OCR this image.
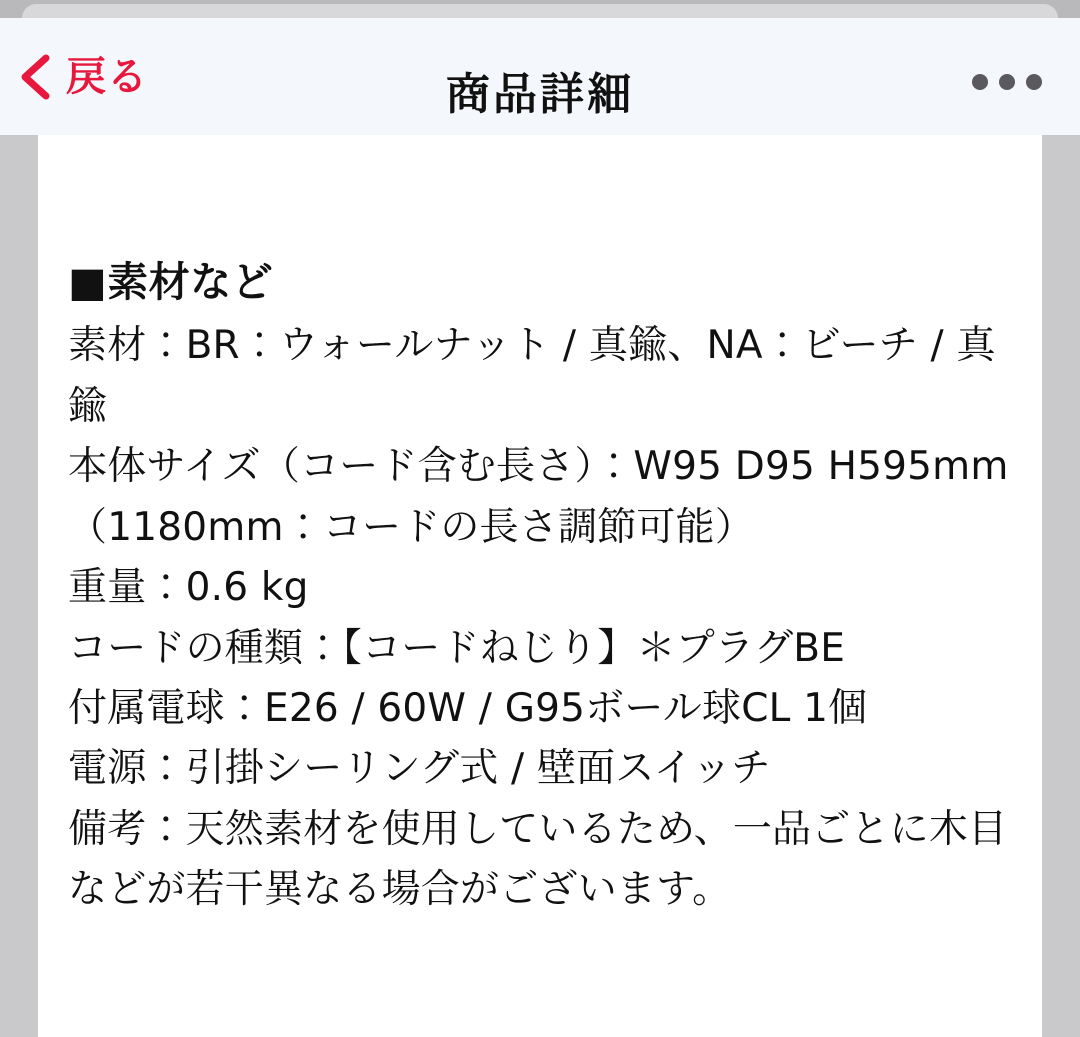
戻る	商品詳細

■素材など

素材：BR：ウォールナット / 真鍮、NA：ビーチ / 真鍮

本体サイズ（コード含む長さ）：W95 D95 H595mm（1180mm：コードの長さ調節可能）

重量：0.6 kg

コードの種類：【コードねじり】＊プラグBE

付属電球：E26 / 60W / G95ボール球CL 1個

電源：引掛シーリング式 / 壁面スイッチ

備考：天然素材を使用しているため、一品ごとに木目などが若干異なる場合がございます。
